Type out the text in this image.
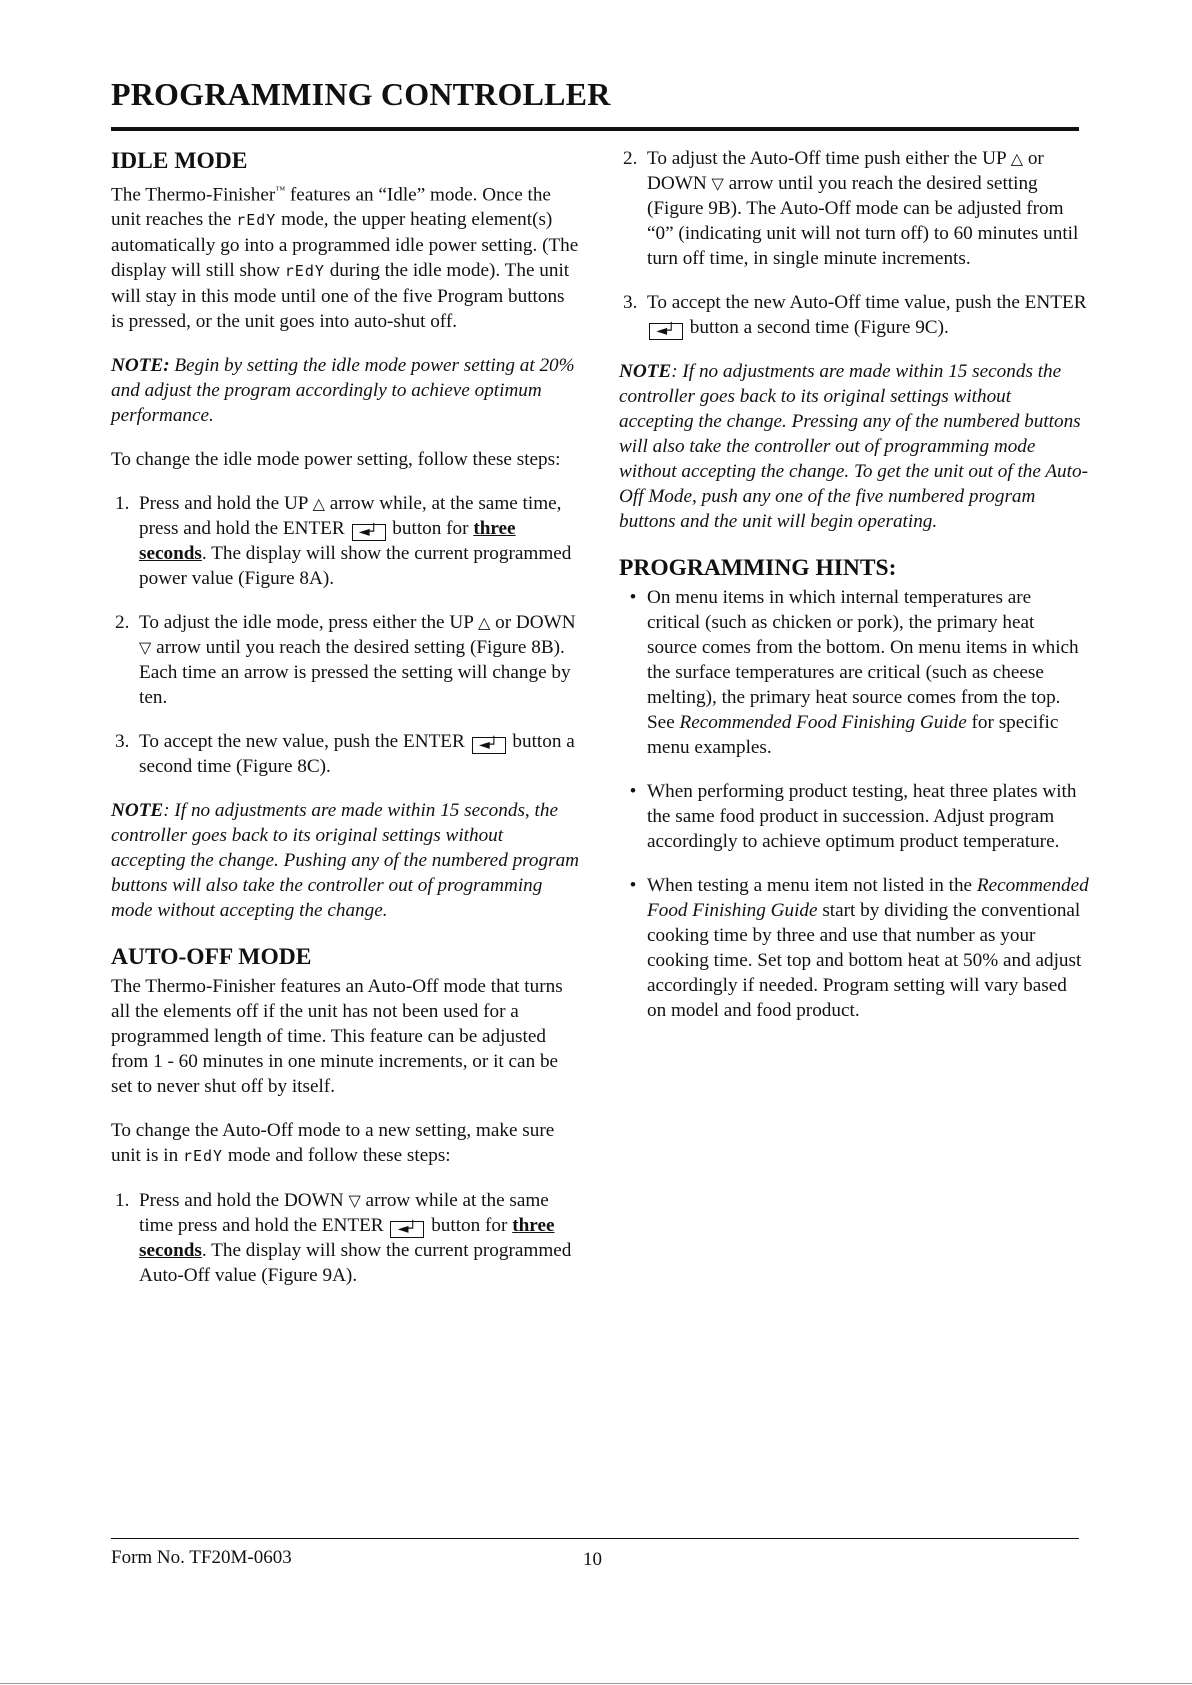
PROGRAMMING CONTROLLER
IDLE MODE

The Thermo-Finisher™ features an “Idle” mode. Once the unit reaches the rEdY mode, the upper heating element(s) automatically go into a programmed idle power setting. (The display will still show rEdY during the idle mode). The unit will stay in this mode until one of the five Program buttons is pressed, or the unit goes into auto-shut off.

NOTE: Begin by setting the idle mode power setting at 20% and adjust the program accordingly to achieve optimum performance.

To change the idle mode power setting, follow these steps:

1. Press and hold the UP △ arrow while, at the same time, press and hold the ENTER ◄┘ button for three seconds. The display will show the current programmed power value (Figure 8A).
2. To adjust the idle mode, press either the UP △ or DOWN ▽ arrow until you reach the desired setting (Figure 8B). Each time an arrow is pressed the setting will change by ten.
3. To accept the new value, push the ENTER ◄┘ button a second time (Figure 8C).

NOTE: If no adjustments are made within 15 seconds, the controller goes back to its original settings without accepting the change. Pushing any of the numbered program buttons will also take the controller out of programming mode without accepting the change.

AUTO-OFF MODE

The Thermo-Finisher features an Auto-Off mode that turns all the elements off if the unit has not been used for a programmed length of time. This feature can be adjusted from 1 - 60 minutes in one minute increments, or it can be set to never shut off by itself.

To change the Auto-Off mode to a new setting, make sure unit is in rEdY mode and follow these steps:

1. Press and hold the DOWN ▽ arrow while at the same time press and hold the ENTER ◄┘ button for three seconds. The display will show the current programmed Auto-Off value (Figure 9A).
2. To adjust the Auto-Off time push either the UP △ or DOWN ▽ arrow until you reach the desired setting (Figure 9B). The Auto-Off mode can be adjusted from “0” (indicating unit will not turn off) to 60 minutes until turn off time, in single minute increments.
3. To accept the new Auto-Off time value, push the ENTER ◄┘ button a second time (Figure 9C).

NOTE: If no adjustments are made within 15 seconds the controller goes back to its original settings without accepting the change. Pressing any of the numbered buttons will also take the controller out of programming mode without accepting the change. To get the unit out of the Auto-Off Mode, push any one of the five numbered program buttons and the unit will begin operating.

PROGRAMMING HINTS:
• On menu items in which internal temperatures are critical (such as chicken or pork), the primary heat source comes from the bottom. On menu items in which the surface temperatures are critical (such as cheese melting), the primary heat source comes from the top. See Recommended Food Finishing Guide for specific menu examples.
• When performing product testing, heat three plates with the same food product in succession. Adjust program accordingly to achieve optimum product temperature.
• When testing a menu item not listed in the Recommended Food Finishing Guide start by dividing the conventional cooking time by three and use that number as your cooking time. Set top and bottom heat at 50% and adjust accordingly if needed. Program setting will vary based on model and food product.
Form No. TF20M-0603	10
